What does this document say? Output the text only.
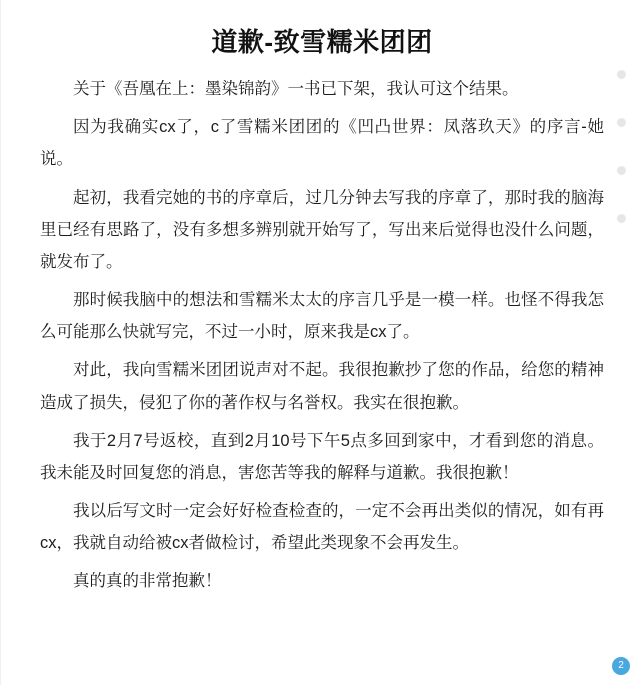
道歉-致雪糯米团团

关于《吾凰在上：墨染锦韵》一书已下架，我认可这个结果。

因为我确实cx了，c了雪糯米团团的《凹凸世界：凤落玖天》的序言-她说。

起初，我看完她的书的序章后，过几分钟去写我的序章了，那时我的脑海里已经有思路了，没有多想多辨别就开始写了，写出来后觉得也没什么问题，就发布了。

那时候我脑中的想法和雪糯米太太的序言几乎是一模一样。也怪不得我怎么可能那么快就写完，不过一小时，原来我是cx了。

对此，我向雪糯米团团说声对不起。我很抱歉抄了您的作品，给您的精神造成了损失，侵犯了你的著作权与名誉权。我实在很抱歉。

我于2月7号返校，直到2月10号下午5点多回到家中，才看到您的消息。我未能及时回复您的消息，害您苦等我的解释与道歉。我很抱歉！

我以后写文时一定会好好检查检查的，一定不会再出类似的情况，如有再cx，我就自动给被cx者做检讨，希望此类现象不会再发生。

真的真的非常抱歉！

2
